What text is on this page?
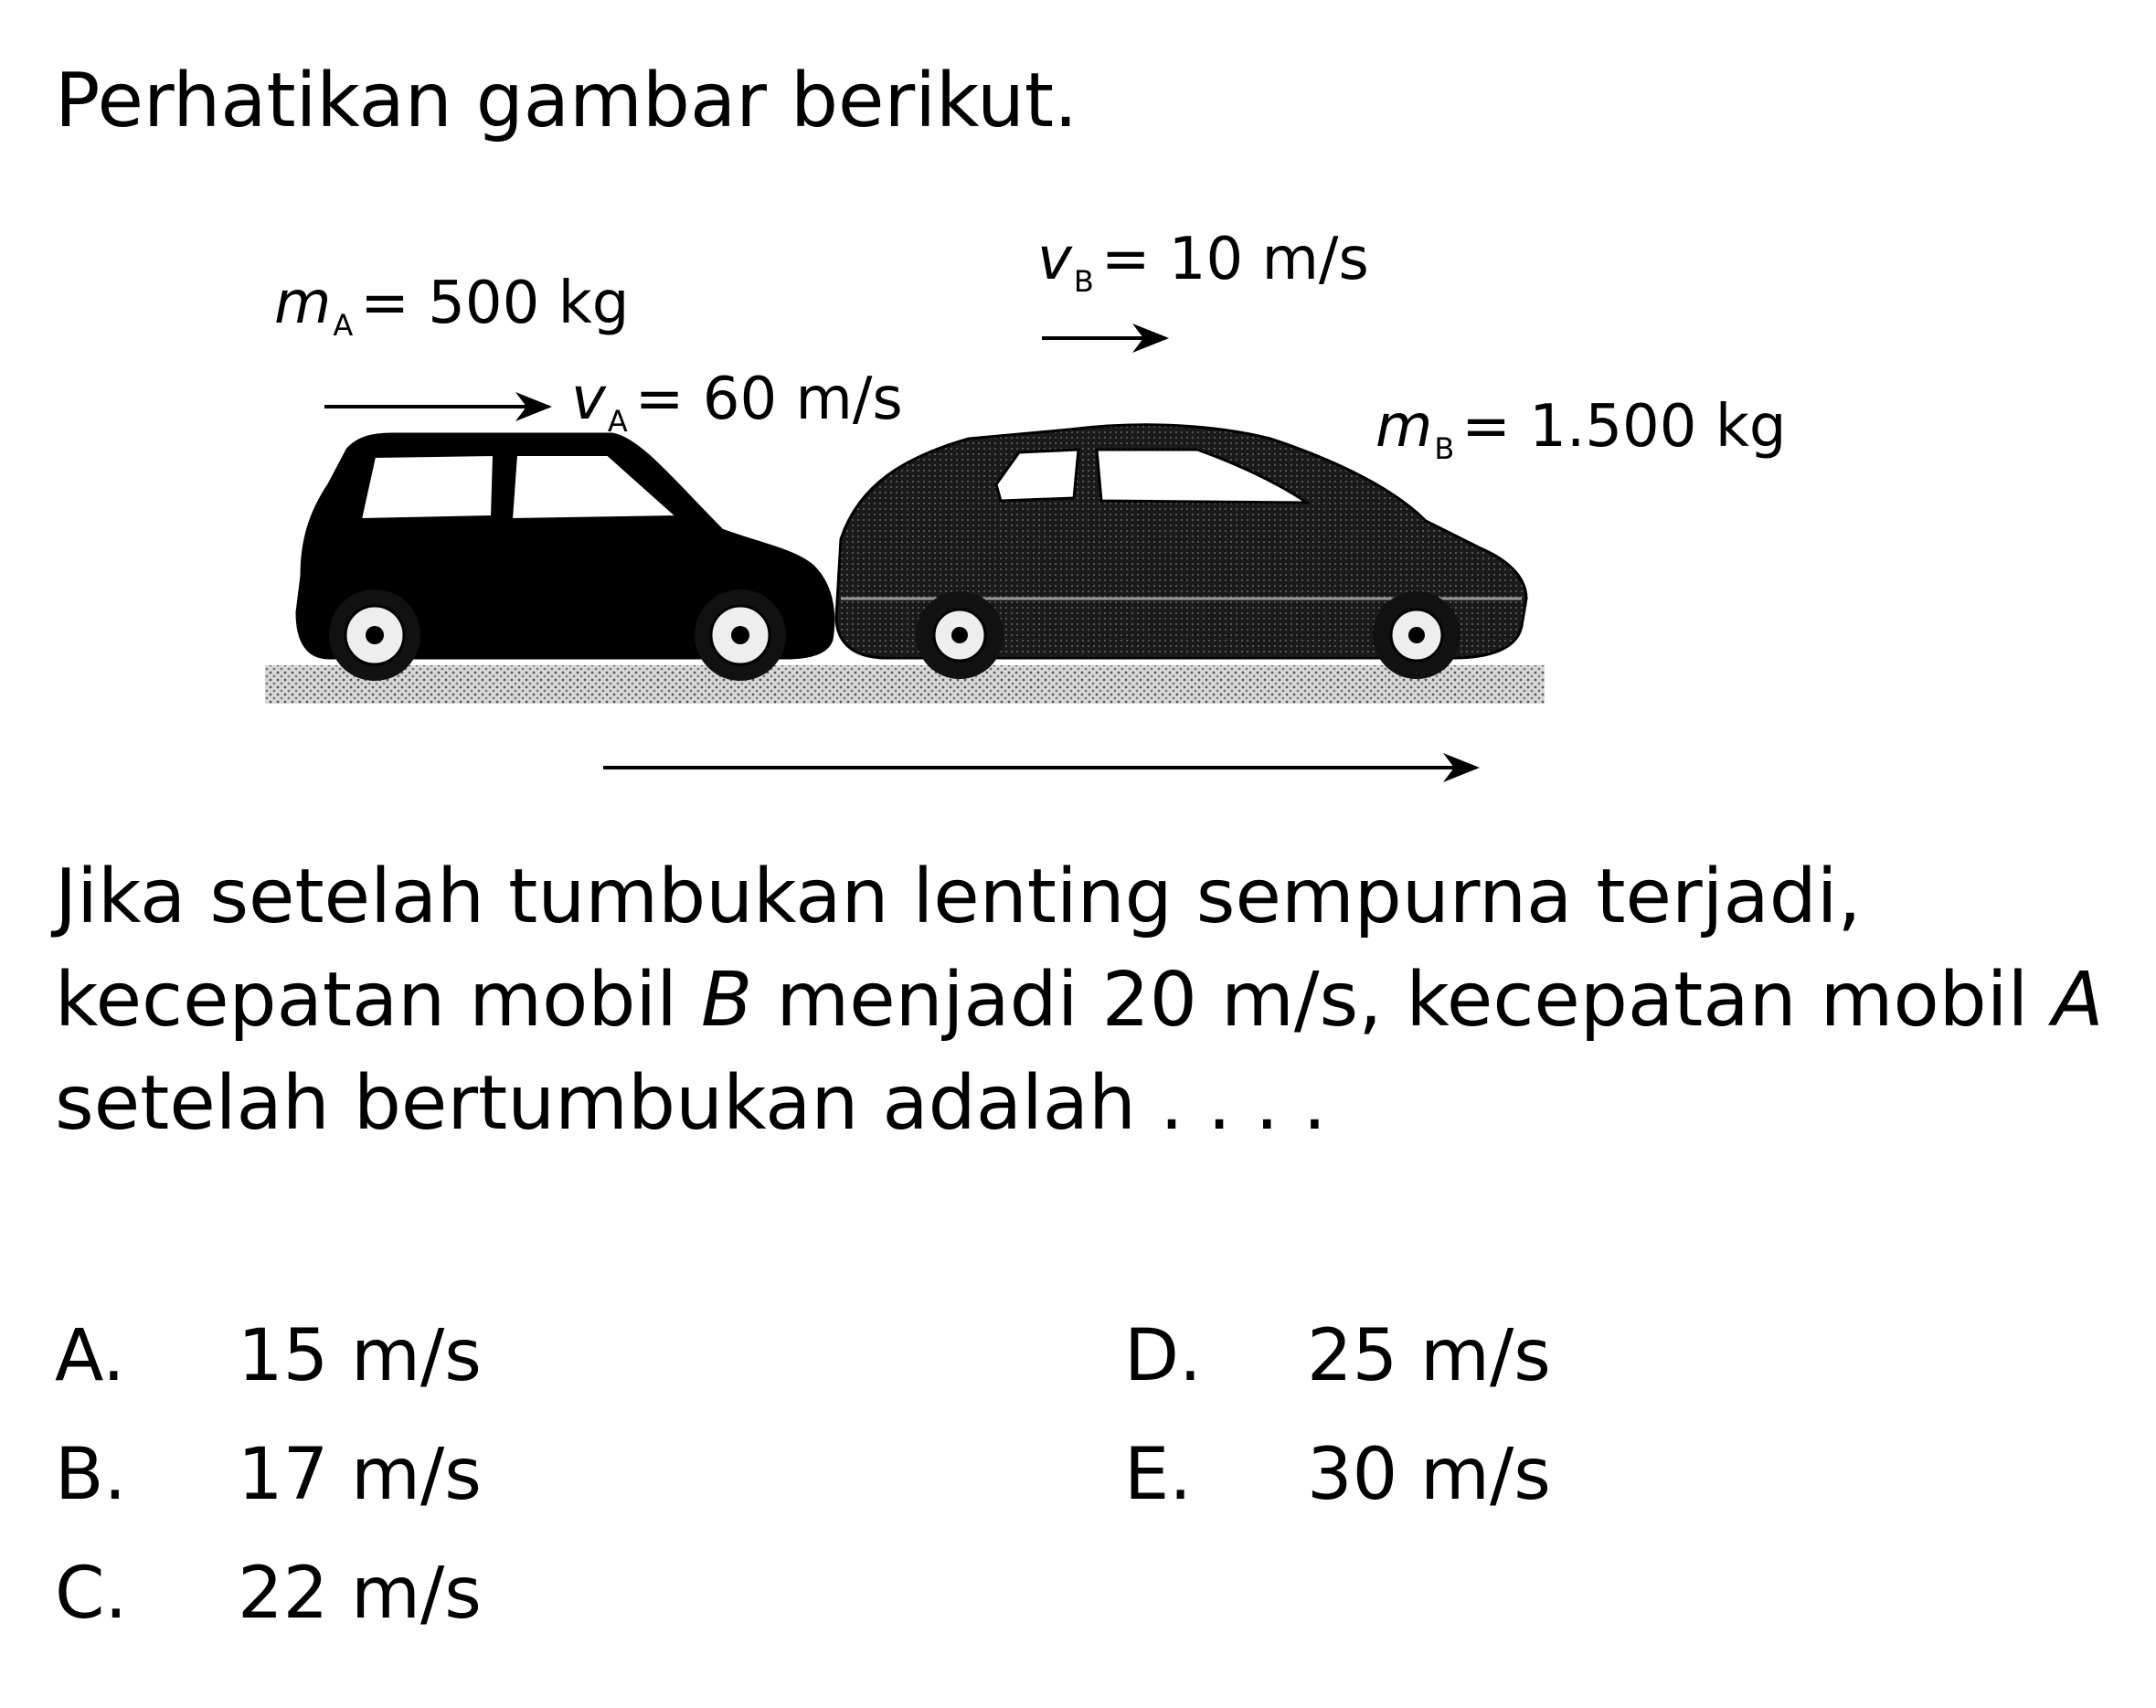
Perhatikan gambar berikut.
$m_A = 500$ kg
$v_A = 60$ m/s
$v_B = 10$ m/s
$m_B = 1.500$ kg
Jika setelah tumbukan lenting sempurna terjadi, kecepatan mobil B menjadi 20 m/s, kecepatan mobil A setelah bertumbukan adalah . . . .
A. 15 m/s
B. 17 m/s
C. 22 m/s
D. 25 m/s
E. 30 m/s
